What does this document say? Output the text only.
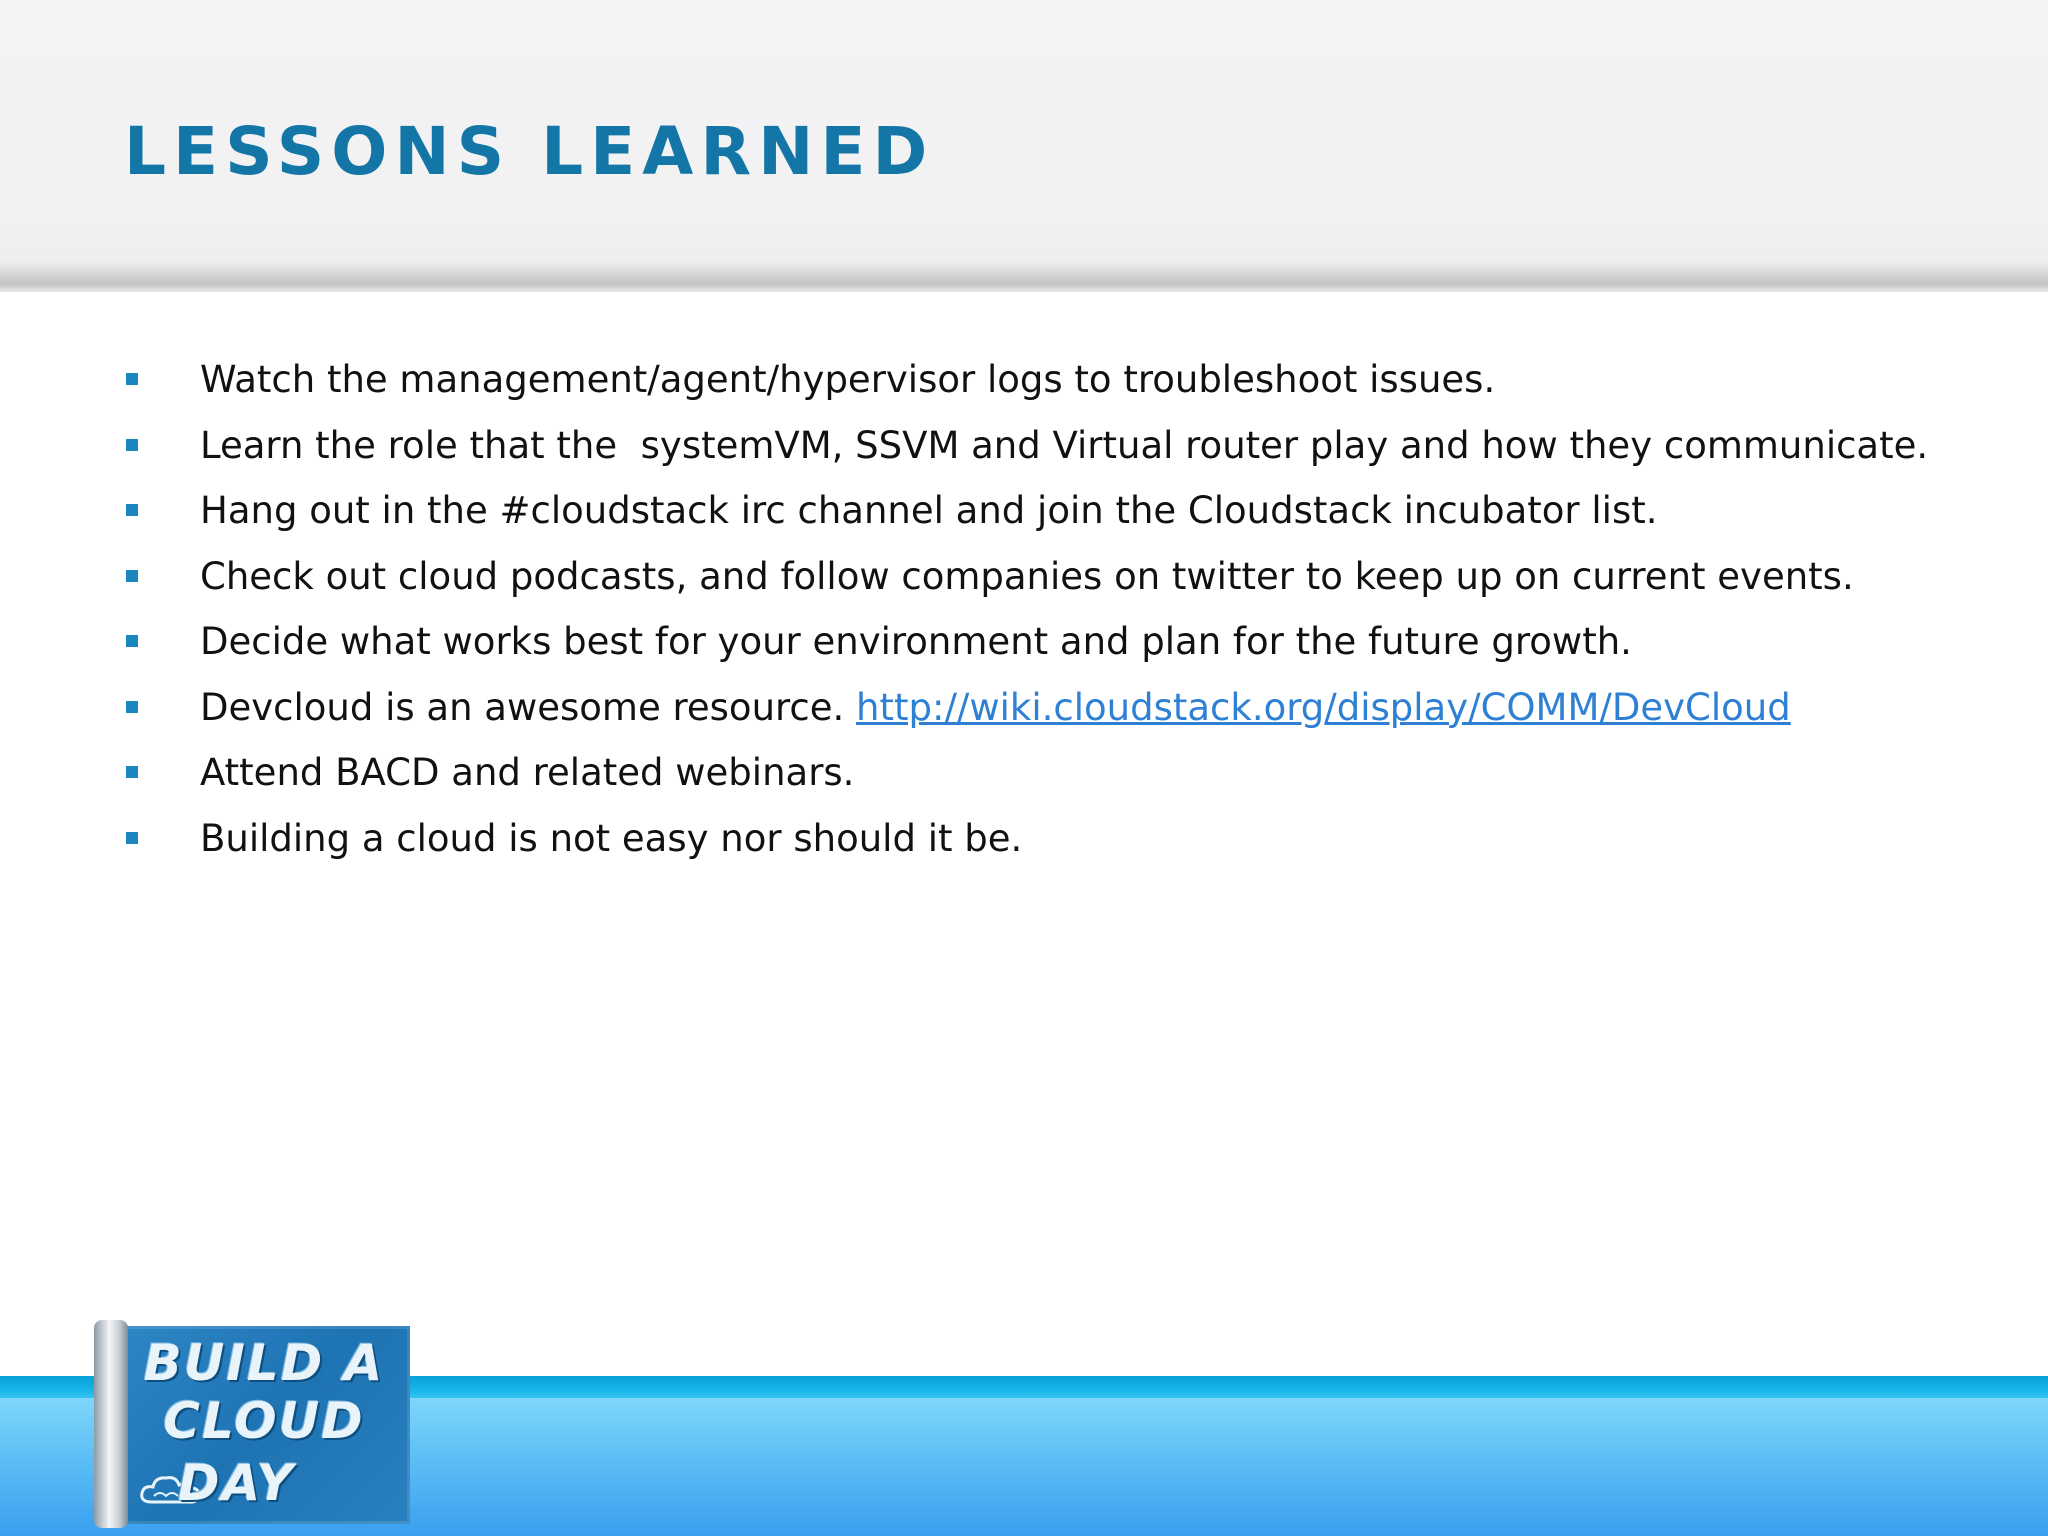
LESSONS LEARNED
Watch the management/agent/hypervisor logs to troubleshoot issues.
Learn the role that the  systemVM, SSVM and Virtual router play and how they communicate.
Hang out in the #cloudstack irc channel and join the Cloudstack incubator list.
Check out cloud podcasts, and follow companies on twitter to keep up on current events.
Decide what works best for your environment and plan for the future growth.
Devcloud is an awesome resource. http://wiki.cloudstack.org/display/COMM/DevCloud
Attend BACD and related webinars.
Building a cloud is not easy nor should it be.
BUILD A
CLOUD
DAY
